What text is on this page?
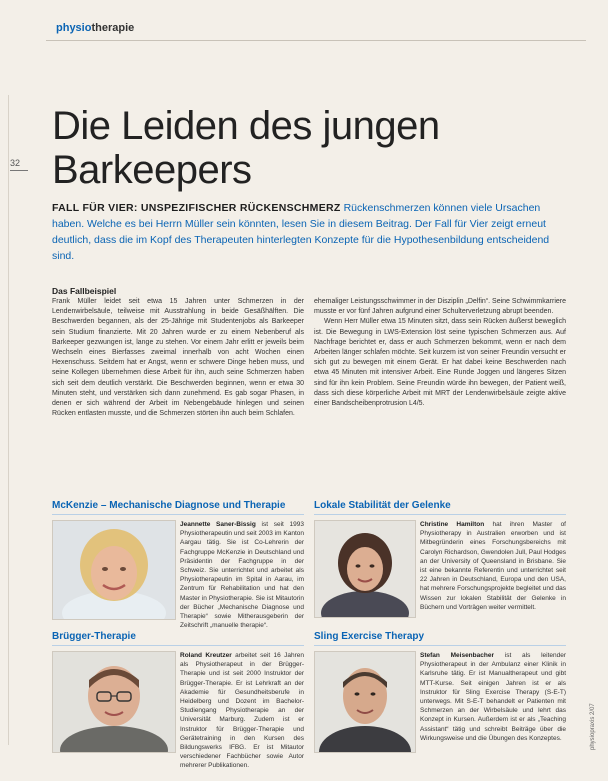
physiotherapie
32
Die Leiden des jungen
Barkeepers
FALL FÜR VIER: UNSPEZIFISCHER RÜCKENSCHMERZ Rückenschmerzen können viele Ursachen haben. Welche es bei Herrn Müller sein könnten, lesen Sie in diesem Beitrag. Der Fall für Vier zeigt erneut deutlich, dass die im Kopf des Therapeuten hinterlegten Konzepte für die Hypothesenbildung entscheidend sind.
Das Fallbeispiel

Frank Müller leidet seit etwa 15 Jahren unter Schmerzen in der Lendenwirbelsäule, teilweise mit Ausstrahlung in beide Gesäßhälften. Die Beschwerden begannen, als der 25-Jährige mit Studentenjobs als Barkeeper sein Studium finanzierte. Mit 20 Jahren wurde er zu einem Nebenberuf als Barkeeper gezwungen ist, lange zu stehen. Vor einem Jahr erlitt er jeweils beim Wechseln eines Bierfasses zweimal innerhalb von acht Wochen einen Hexenschuss. Seitdem hat er Angst, wenn er schwere Dinge heben muss, und seine Kollegen übernehmen diese Arbeit für ihn, auch seine Schmerzen haben sich seit dem deutlich verstärkt. Die Beschwerden beginnen, wenn er etwa 30 Minuten steht, und verstärken sich dann zunehmend. Es gab sogar Phasen, in denen er sich während der Arbeit im Nebengebäude hinlegen und seinen Rücken entlasten musste, und die Schmerzen störten ihn auch beim Schlafen.

ehemaliger Leistungsschwimmer in der Disziplin „Delfin“. Seine Schwimmkarriere musste er vor fünf Jahren aufgrund einer Schulterverletzung abrupt beenden.

Wenn Herr Müller etwa 15 Minuten sitzt, dass sein Rücken äußerst beweglich ist. Die Bewegung in LWS-Extension löst seine typischen Schmerzen aus. Auf Nachfrage berichtet er, dass er auch Schmerzen bekommt, wenn er nach dem Arbeiten länger schlafen möchte. Seit kurzem ist von seiner Freundin versucht er sich gut zu bewegen mit einem Gerät. Er hat dabei keine Beschwerden nach etwa 45 Minuten mit intensiver Arbeit. Eine Runde Joggen und längeres Sitzen sind für ihn kein Problem. Seine Freundin würde ihn bewegen, der Patient weiß, dass sich diese körperliche Arbeit mit MRT der Lendenwirbelsäule zeigte aktive einer Bandscheibenprotrusion L4/5.

McKenzie – Mechanische Diagnose und Therapie
Jeannette Saner-Bissig ist seit 1993 Physiotherapeutin und seit 2003 im Kanton Aargau tätig. Sie ist Co-Lehrerin der Fachgruppe McKenzie in Deutschland und Präsidentin der Fachgruppe in der Schweiz. Sie unterrichtet und arbeitet als Physiotherapeutin im Spital in Aarau, im Zentrum für Rehabilitation und hat den Master in Physiotherapie. Sie ist Mitautorin der Bücher „Mechanische Diagnose und Therapie“ sowie Mitherausgeberin der Zeitschrift „manuelle therapie“.
Lokale Stabilität der Gelenke
Christine Hamilton hat ihren Master of Physiotherapy in Australien erworben und ist Mitbegründerin eines Forschungsbereichs mit Carolyn Richardson, Gwendolen Jull, Paul Hodges an der University of Queensland in Brisbane. Sie ist eine bekannte Referentin und unterrichtet seit 22 Jahren in Deutschland, Europa und den USA, hat mehrere Forschungsprojekte begleitet und das Wissen zur lokalen Stabilität der Gelenke in Büchern und Vorträgen weiter vermittelt.
Brügger-Therapie
Roland Kreutzer arbeitet seit 16 Jahren als Physiotherapeut in der Brügger-Therapie und ist seit 2000 Instruktor der Brügger-Therapie. Er ist Lehrkraft an der Akademie für Gesundheitsberufe in Heidelberg und Dozent im Bachelor-Studiengang Physiotherapie an der Universität Marburg. Zudem ist er Instruktor für Brügger-Therapie und Gerätetraining in den Kursen des Bildungswerks IFBG. Er ist Mitautor verschiedener Fachbücher sowie Autor mehrerer Publikationen.
Sling Exercise Therapy
Stefan Meisenbacher ist als leitender Physiotherapeut in der Ambulanz einer Klinik in Karlsruhe tätig. Er ist Manualtherapeut und gibt MTT-Kurse. Seit einigen Jahren ist er als Instruktor für Sling Exercise Therapy (S-E-T) unterwegs. Mit S-E-T behandelt er Patienten mit Schmerzen an der Wirbelsäule und lehrt das Konzept in Kursen. Außerdem ist er als „Teaching Assistant“ tätig und schreibt Beiträge über die Wirkungsweise und die Übungen des Konzeptes.	physiopraxis 2/07
